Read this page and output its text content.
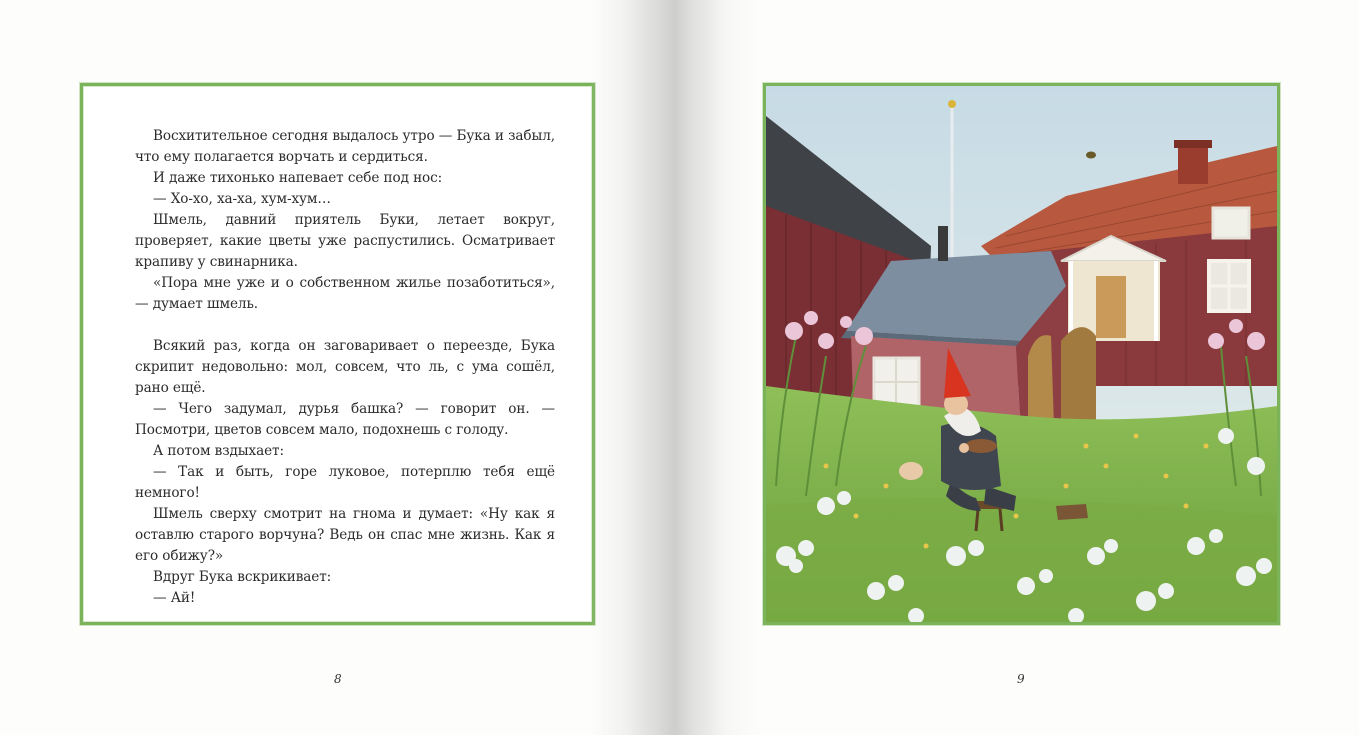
Восхитительное сегодня выдалось утро — Бука и забыл, что ему полагается ворчать и сердиться.

И даже тихонько напевает себе под нос:

— Хо-хо, ха-ха, хум-хум…

Шмель, давний приятель Буки, летает вокруг, проверяет, какие цветы уже распустились. Осматривает крапиву у свинарника.

«Пора мне уже и о собственном жилье позаботиться», — думает шмель.

Всякий раз, когда он заговаривает о переезде, Бука скрипит недовольно: мол, совсем, что ль, с ума сошёл, рано ещё.

— Чего задумал, дурья башка? — говорит он. — Посмотри, цветов совсем мало, подохнешь с голоду.

А потом вздыхает:

— Так и быть, горе луковое, потерплю тебя ещё немного!

Шмель сверху смотрит на гнома и думает: «Ну как я оставлю старого ворчуна? Ведь он спас мне жизнь. Как я его обижу?»

Вдруг Бука вскрикивает:

— Ай!

8	9
